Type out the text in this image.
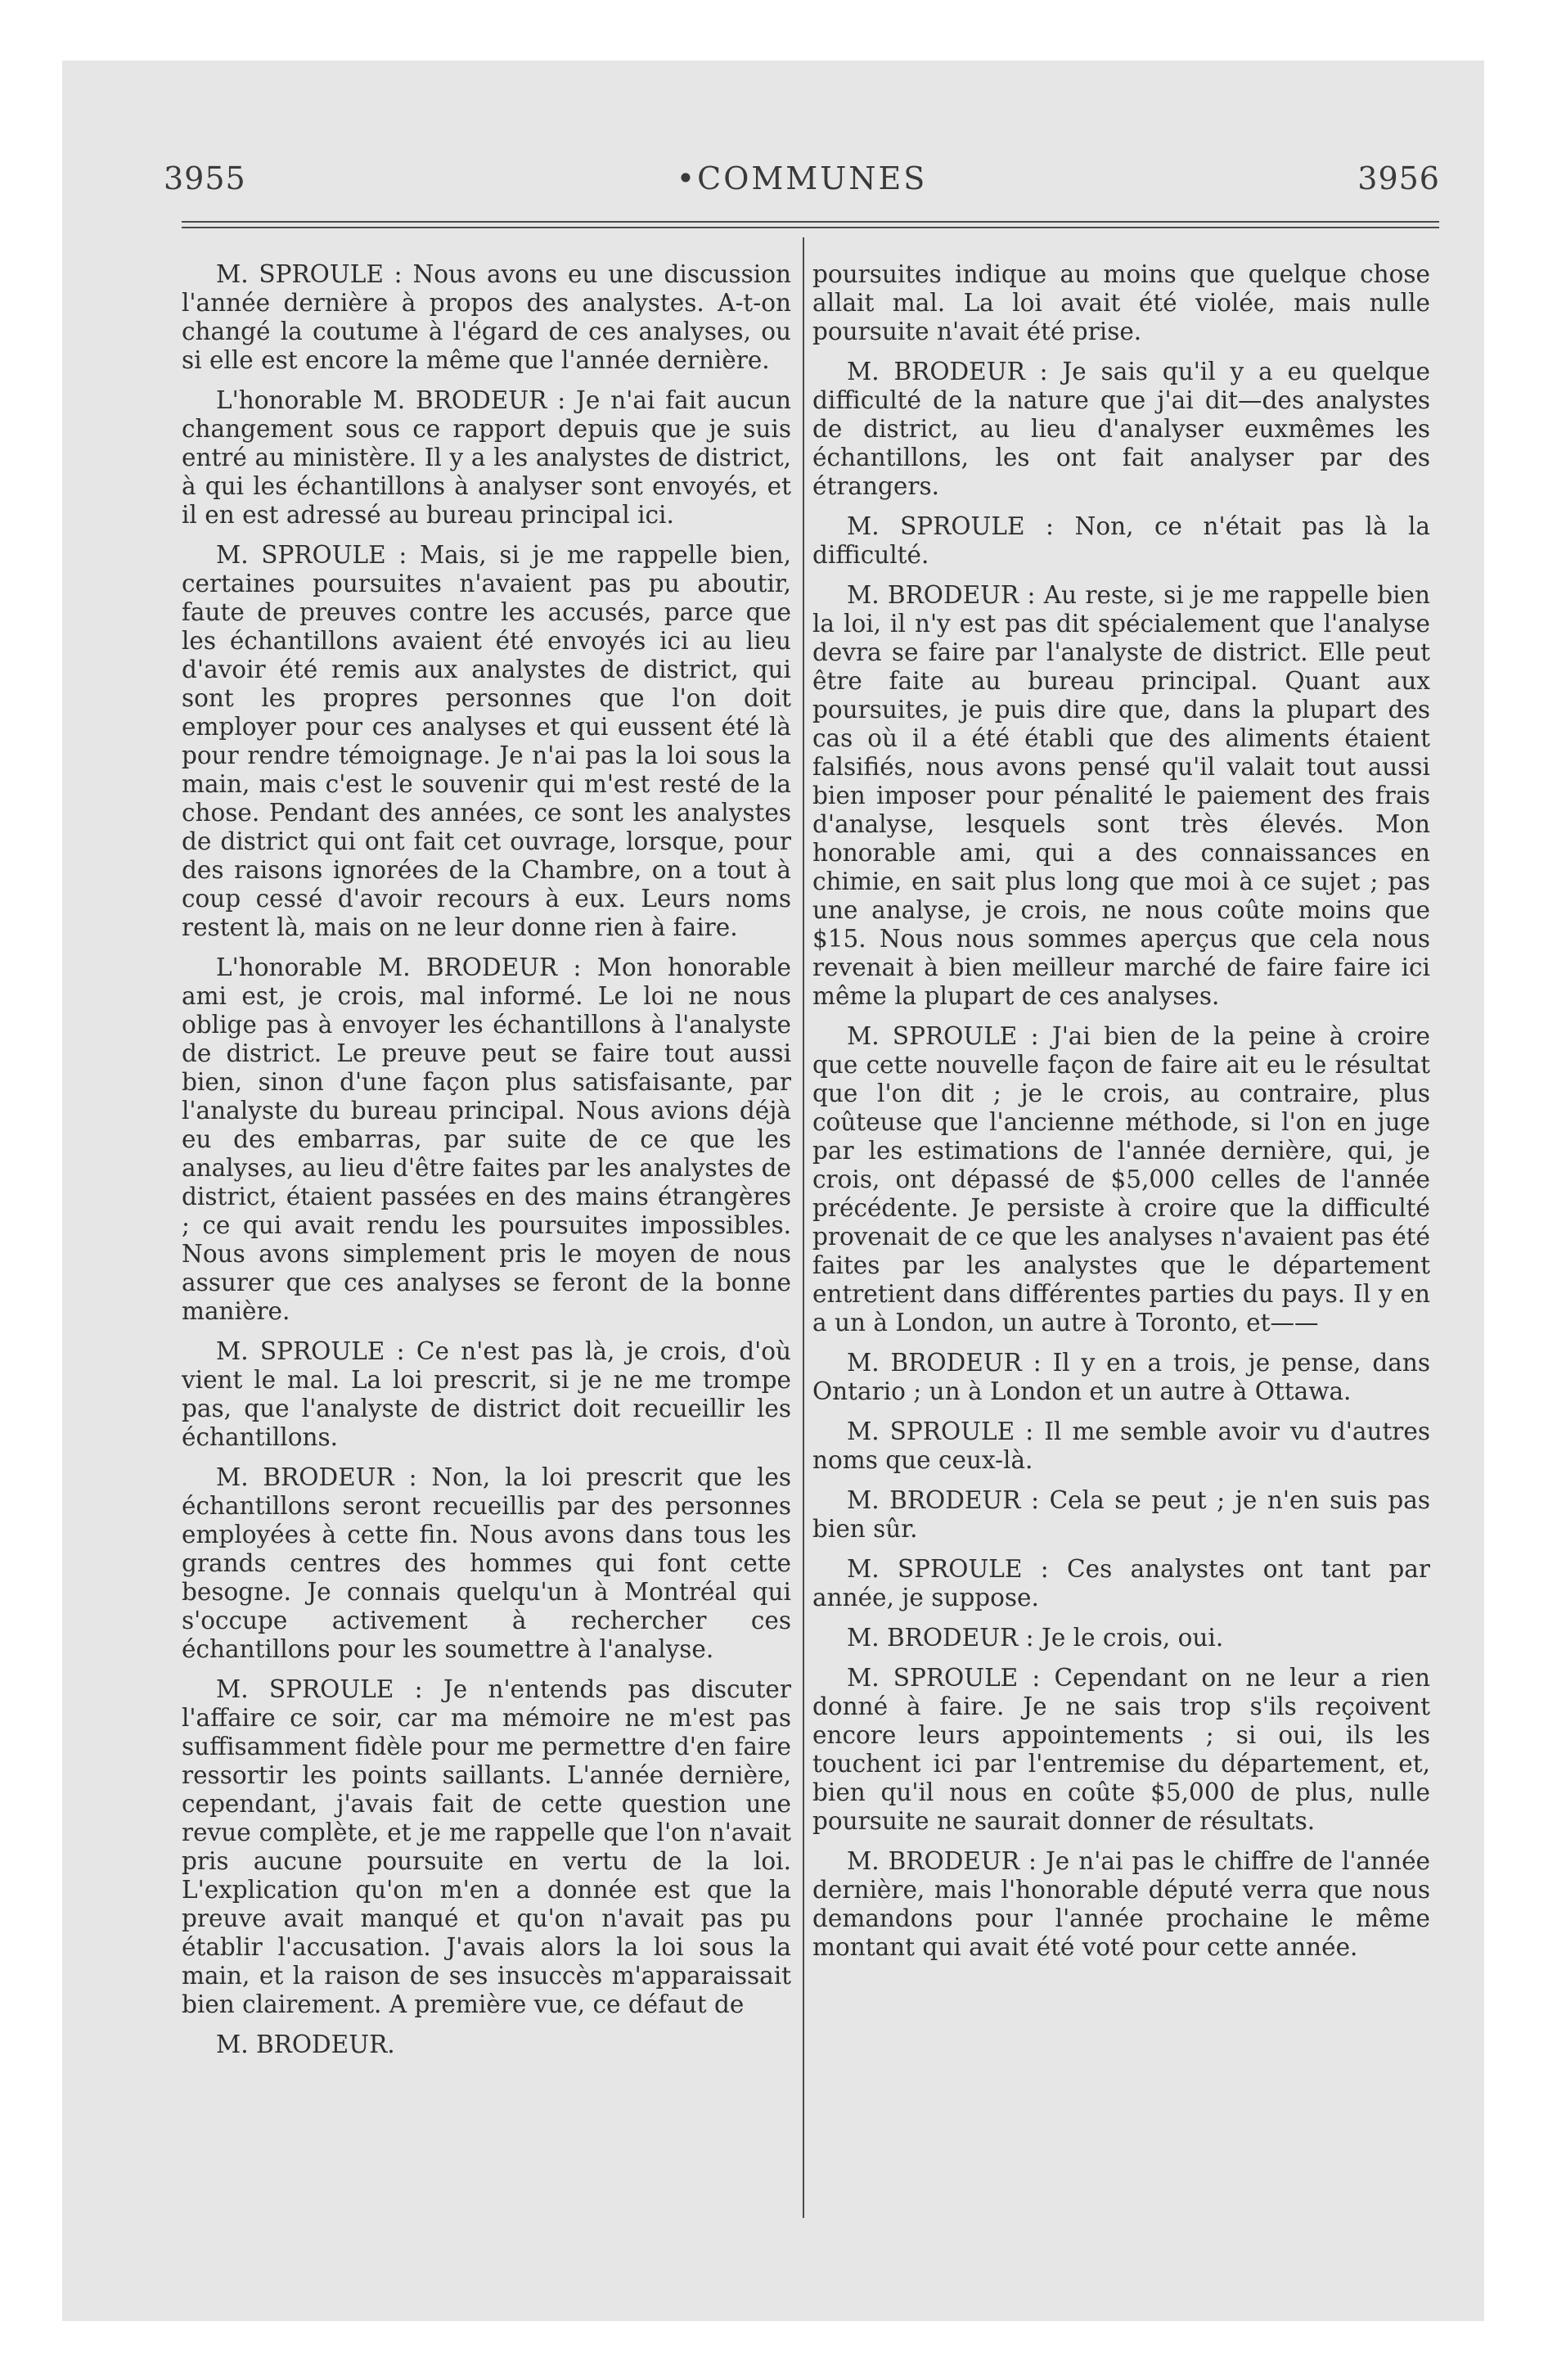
3955	•COMMUNES	3956

M. SPROULE : Nous avons eu une discussion l'année dernière à propos des analystes. A-t-on changé la coutume à l'égard de ces analyses, ou si elle est encore la même que l'année dernière.

L'honorable M. BRODEUR : Je n'ai fait aucun changement sous ce rapport depuis que je suis entré au ministère. Il y a les analystes de district, à qui les échantillons à analyser sont envoyés, et il en est adressé au bureau principal ici.

M. SPROULE : Mais, si je me rappelle bien, certaines poursuites n'avaient pas pu aboutir, faute de preuves contre les accusés, parce que les échantillons avaient été envoyés ici au lieu d'avoir été remis aux analystes de district, qui sont les propres personnes que l'on doit employer pour ces analyses et qui eussent été là pour rendre témoignage. Je n'ai pas la loi sous la main, mais c'est le souvenir qui m'est resté de la chose. Pendant des années, ce sont les analystes de district qui ont fait cet ouvrage, lorsque, pour des raisons ignorées de la Chambre, on a tout à coup cessé d'avoir recours à eux. Leurs noms restent là, mais on ne leur donne rien à faire.

L'honorable M. BRODEUR : Mon honorable ami est, je crois, mal informé. Le loi ne nous oblige pas à envoyer les échantillons à l'analyste de district. Le preuve peut se faire tout aussi bien, sinon d'une façon plus satisfaisante, par l'analyste du bureau principal. Nous avions déjà eu des embarras, par suite de ce que les analyses, au lieu d'être faites par les analystes de district, étaient passées en des mains étrangères ; ce qui avait rendu les poursuites impossibles. Nous avons simplement pris le moyen de nous assurer que ces analyses se feront de la bonne manière.

M. SPROULE : Ce n'est pas là, je crois, d'où vient le mal. La loi prescrit, si je ne me trompe pas, que l'analyste de district doit recueillir les échantillons.

M. BRODEUR : Non, la loi prescrit que les échantillons seront recueillis par des personnes employées à cette fin. Nous avons dans tous les grands centres des hommes qui font cette besogne. Je connais quelqu'un à Montréal qui s'occupe activement à rechercher ces échantillons pour les soumettre à l'analyse.

M. SPROULE : Je n'entends pas discuter l'affaire ce soir, car ma mémoire ne m'est pas suffisamment fidèle pour me permettre d'en faire ressortir les points saillants. L'année dernière, cependant, j'avais fait de cette question une revue complète, et je me rappelle que l'on n'avait pris aucune poursuite en vertu de la loi. L'explication qu'on m'en a donnée est que la preuve avait manqué et qu'on n'avait pas pu établir l'accusation. J'avais alors la loi sous la main, et la raison de ses insuccès m'apparaissait bien clairement. A première vue, ce défaut de

M. BRODEUR.

poursuites indique au moins que quelque chose allait mal. La loi avait été violée, mais nulle poursuite n'avait été prise.

M. BRODEUR : Je sais qu'il y a eu quelque difficulté de la nature que j'ai dit—des analystes de district, au lieu d'analyser euxmêmes les échantillons, les ont fait analyser par des étrangers.

M. SPROULE : Non, ce n'était pas là la difficulté.

M. BRODEUR : Au reste, si je me rappelle bien la loi, il n'y est pas dit spécialement que l'analyse devra se faire par l'analyste de district. Elle peut être faite au bureau principal. Quant aux poursuites, je puis dire que, dans la plupart des cas où il a été établi que des aliments étaient falsifiés, nous avons pensé qu'il valait tout aussi bien imposer pour pénalité le paiement des frais d'analyse, lesquels sont très élevés. Mon honorable ami, qui a des connaissances en chimie, en sait plus long que moi à ce sujet ; pas une analyse, je crois, ne nous coûte moins que $15. Nous nous sommes aperçus que cela nous revenait à bien meilleur marché de faire faire ici même la plupart de ces analyses.

M. SPROULE : J'ai bien de la peine à croire que cette nouvelle façon de faire ait eu le résultat que l'on dit ; je le crois, au contraire, plus coûteuse que l'ancienne méthode, si l'on en juge par les estimations de l'année dernière, qui, je crois, ont dépassé de $5,000 celles de l'année précédente. Je persiste à croire que la difficulté provenait de ce que les analyses n'avaient pas été faites par les analystes que le département entretient dans différentes parties du pays. Il y en a un à London, un autre à Toronto, et——

M. BRODEUR : Il y en a trois, je pense, dans Ontario ; un à London et un autre à Ottawa.

M. SPROULE : Il me semble avoir vu d'autres noms que ceux-là.

M. BRODEUR : Cela se peut ; je n'en suis pas bien sûr.

M. SPROULE : Ces analystes ont tant par année, je suppose.

M. BRODEUR : Je le crois, oui.

M. SPROULE : Cependant on ne leur a rien donné à faire. Je ne sais trop s'ils reçoivent encore leurs appointements ; si oui, ils les touchent ici par l'entremise du département, et, bien qu'il nous en coûte $5,000 de plus, nulle poursuite ne saurait donner de résultats.

M. BRODEUR : Je n'ai pas le chiffre de l'année dernière, mais l'honorable député verra que nous demandons pour l'année prochaine le même montant qui avait été voté pour cette année.
